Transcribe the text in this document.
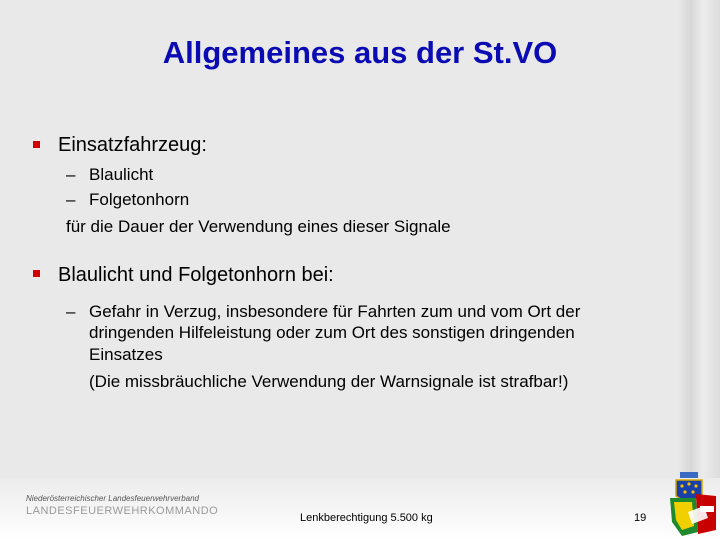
Allgemeines aus der St.VO
Einsatzfahrzeug:
– Blaulicht
– Folgetonhorn
für die Dauer der Verwendung eines dieser Signale
Blaulicht und Folgetonhorn bei:
– Gefahr in Verzug, insbesondere für Fahrten zum und vom Ort der
dringenden Hilfeleistung oder zum Ort des sonstigen dringenden
Einsatzes
(Die missbräuchliche Verwendung der Warnsignale ist strafbar!)
Niederösterreichischer Landesfeuerwehrverband
LANDESFEUERWEHRKOMMANDO
Lenkberechtigung 5.500 kg	19
